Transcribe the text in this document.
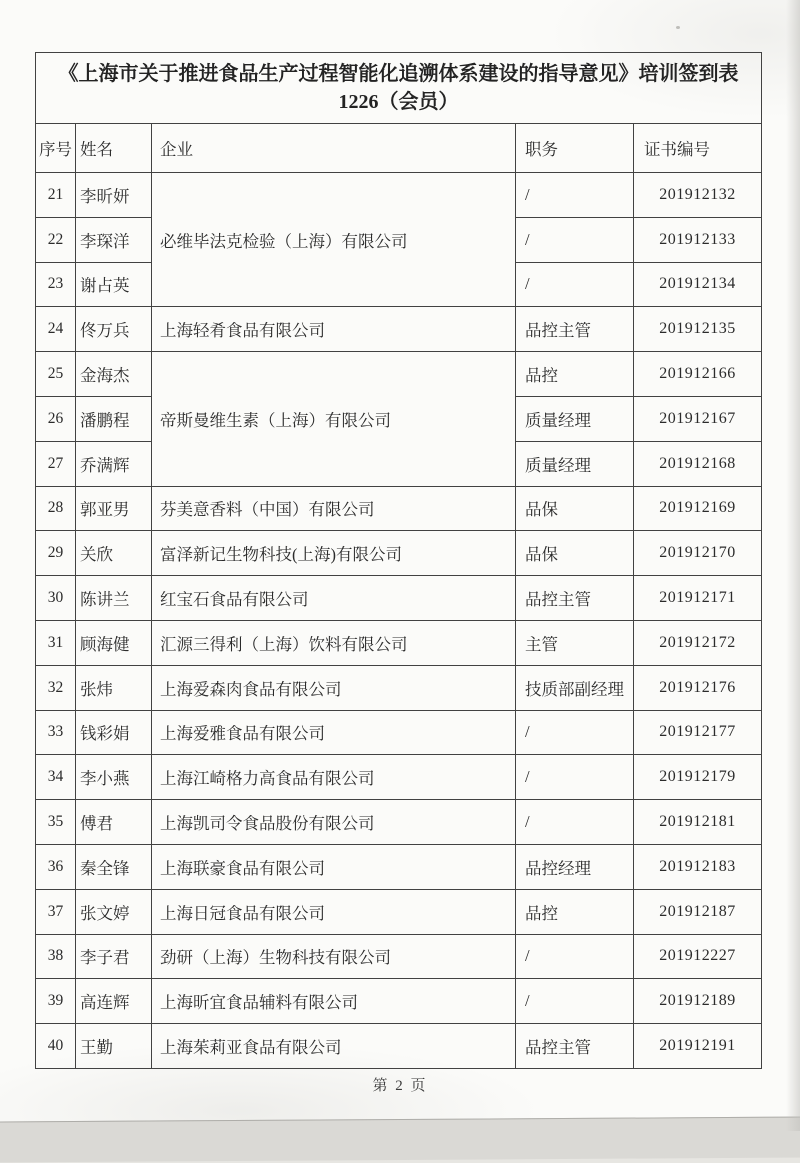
《上海市关于推进食品生产过程智能化追溯体系建设的指导意见》培训签到表
1226（会员）				

序号	姓名	企业	职务	证书编号
21	李昕妍	必维毕法克检验（上海）有限公司	/	201912132
22	李琛洋		/	201912133
23	谢占英		/	201912134
24	佟万兵	上海轻肴食品有限公司	品控主管	201912135
25	金海杰	帝斯曼维生素（上海）有限公司	品控	201912166
26	潘鹏程		质量经理	201912167
27	乔满辉		质量经理	201912168
28	郭亚男	芬美意香料（中国）有限公司	品保	201912169
29	关欣	富泽新记生物科技(上海)有限公司	品保	201912170
30	陈讲兰	红宝石食品有限公司	品控主管	201912171
31	顾海健	汇源三得利（上海）饮料有限公司	主管	201912172
32	张炜	上海爱森肉食品有限公司	技质部副经理	201912176
33	钱彩娟	上海爱雅食品有限公司	/	201912177
34	李小燕	上海江崎格力高食品有限公司	/	201912179
35	傅君	上海凯司令食品股份有限公司	/	201912181
36	秦全锋	上海联豪食品有限公司	品控经理	201912183
37	张文婷	上海日冠食品有限公司	品控	201912187
38	李子君	劲研（上海）生物科技有限公司	/	201912227
39	高连辉	上海昕宜食品辅料有限公司	/	201912189
40	王勤	上海茱莉亚食品有限公司	品控主管	201912191
第 2 页
